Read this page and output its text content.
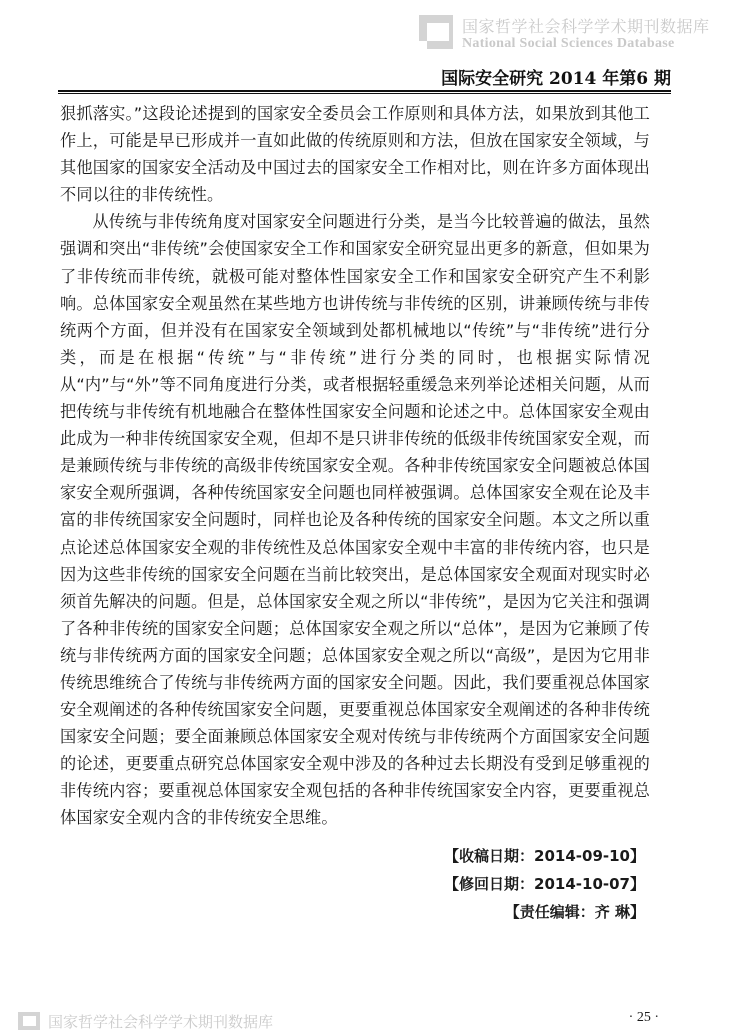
国家哲学社会科学学术期刊数据库
National Social Sciences Database
国际安全研究 2014 年第6 期

狠抓落实。”这段论述提到的国家安全委员会工作原则和具体方法，如果放到其他工作上，可能是早已形成并一直如此做的传统原则和方法，但放在国家安全领域，与其他国家的国家安全活动及中国过去的国家安全工作相对比，则在许多方面体现出不同以往的非传统性。

从传统与非传统角度对国家安全问题进行分类，是当今比较普遍的做法，虽然强调和突出“非传统”会使国家安全工作和国家安全研究显出更多的新意，但如果为了非传统而非传统，就极可能对整体性国家安全工作和国家安全研究产生不利影响。总体国家安全观虽然在某些地方也讲传统与非传统的区别，讲兼顾传统与非传统两个方面，但并没有在国家安全领域到处都机械地以“传统”与“非传统”进行分类，而是在根据“传统”与“非传统”进行分类的同时，也根据实际情况从“内”与“外”等不同角度进行分类，或者根据轻重缓急来列举论述相关问题，从而把传统与非传统有机地融合在整体性国家安全问题和论述之中。总体国家安全观由此成为一种非传统国家安全观，但却不是只讲非传统的低级非传统国家安全观，而是兼顾传统与非传统的高级非传统国家安全观。各种非传统国家安全问题被总体国家安全观所强调，各种传统国家安全问题也同样被强调。总体国家安全观在论及丰富的非传统国家安全问题时，同样也论及各种传统的国家安全问题。本文之所以重点论述总体国家安全观的非传统性及总体国家安全观中丰富的非传统内容，也只是因为这些非传统的国家安全问题在当前比较突出，是总体国家安全观面对现实时必须首先解决的问题。但是，总体国家安全观之所以“非传统”，是因为它关注和强调了各种非传统的国家安全问题；总体国家安全观之所以“总体”，是因为它兼顾了传统与非传统两方面的国家安全问题；总体国家安全观之所以“高级”，是因为它用非传统思维统合了传统与非传统两方面的国家安全问题。因此，我们要重视总体国家安全观阐述的各种传统国家安全问题，更要重视总体国家安全观阐述的各种非传统国家安全问题；要全面兼顾总体国家安全观对传统与非传统两个方面国家安全问题的论述，更要重点研究总体国家安全观中涉及的各种过去长期没有受到足够重视的非传统内容；要重视总体国家安全观包括的各种非传统国家安全内容，更要重视总体国家安全观内含的非传统安全思维。

【收稿日期：2014-09-10】
【修回日期：2014-10-07】
【责任编辑：齐 琳】
国家哲学社会科学学术期刊数据库	· 25 ·
